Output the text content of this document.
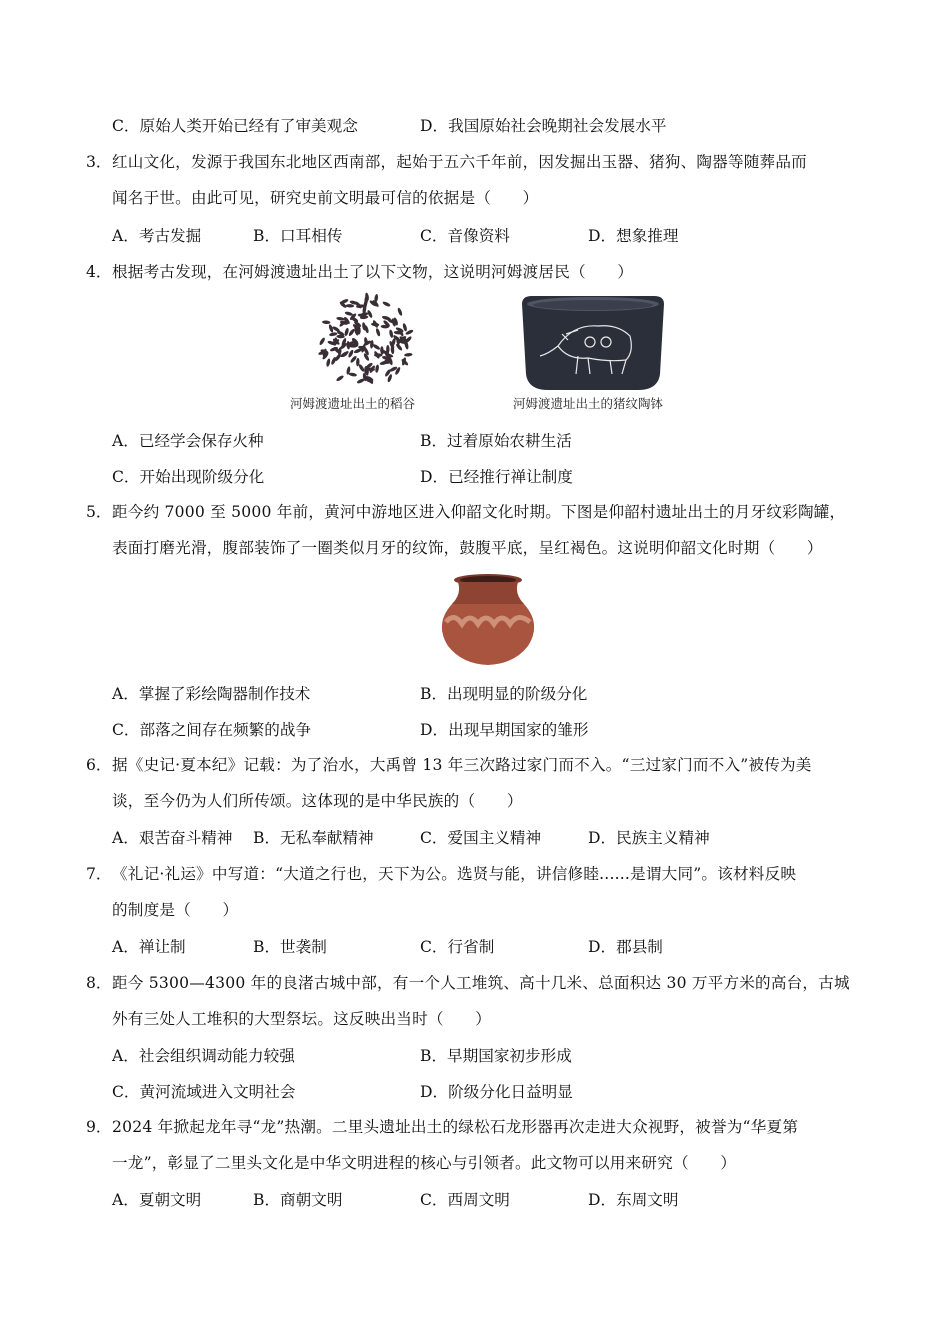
C．原始人类开始已经有了审美观念	D．我国原始社会晚期社会发展水平
3． 红山文化，发源于我国东北地区西南部，起始于五六千年前，因发掘出玉器、猪狗、陶器等随葬品而
闻名于世。由此可见，研究史前文明最可信的依据是（　　）
A．考古发掘	B．口耳相传	C．音像资料	D．想象推理
4． 根据考古发现，在河姆渡遗址出土了以下文物，这说明河姆渡居民（　　）
河姆渡遗址出土的稻谷	河姆渡遗址出土的猪纹陶钵
A．已经学会保存火种	B．过着原始农耕生活
C．开始出现阶级分化	D．已经推行禅让制度
5． 距今约 7000 至 5000 年前，黄河中游地区进入仰韶文化时期。下图是仰韶村遗址出土的月牙纹彩陶罐，
表面打磨光滑，腹部装饰了一圈类似月牙的纹饰，鼓腹平底，呈红褐色。这说明仰韶文化时期（　　）
A．掌握了彩绘陶器制作技术	B．出现明显的阶级分化
C．部落之间存在频繁的战争	D．出现早期国家的雏形
6． 据《史记·夏本纪》记载：为了治水，大禹曾 13 年三次路过家门而不入。“三过家门而不入”被传为美
谈，至今仍为人们所传颂。这体现的是中华民族的（　　）
A．艰苦奋斗精神 B．无私奉献精神	C．爱国主义精神	D．民族主义精神
7． 《礼记·礼运》中写道：“大道之行也，天下为公。选贤与能，讲信修睦......是谓大同”。该材料反映
的制度是（　　）
A．禅让制	B．世袭制	C．行省制	D．郡县制
8． 距今 5300—4300 年的良渚古城中部，有一个人工堆筑、高十几米、总面积达 30 万平方米的高台，古城
外有三处人工堆积的大型祭坛。这反映出当时（　　）
A．社会组织调动能力较强	B．早期国家初步形成
C．黄河流域进入文明社会	D．阶级分化日益明显
9． 2024 年掀起龙年寻“龙”热潮。二里头遗址出土的绿松石龙形器再次走进大众视野，被誉为“华夏第
一龙”，彰显了二里头文化是中华文明进程的核心与引领者。此文物可以用来研究（　　）
A．夏朝文明	B．商朝文明	C．西周文明	D．东周文明
